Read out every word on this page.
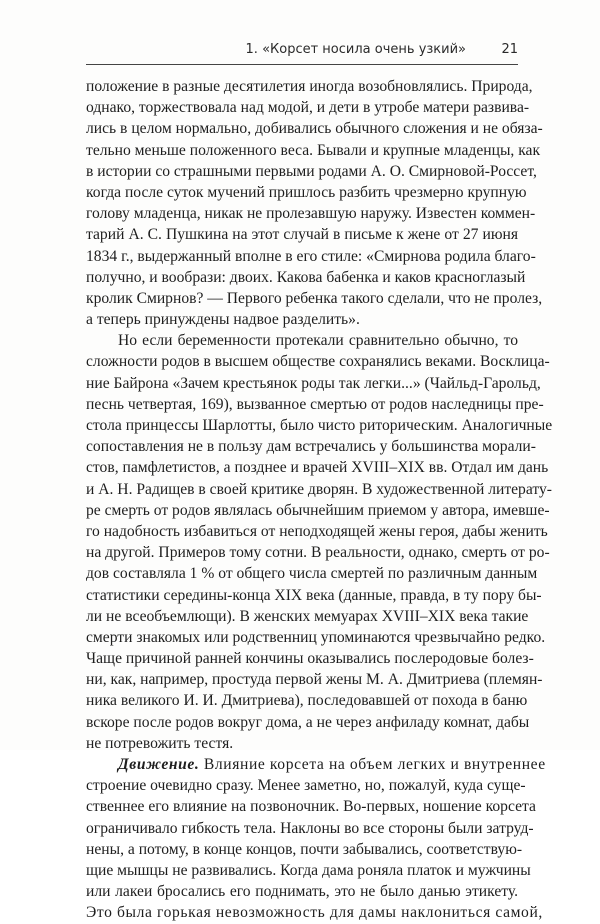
1. «Корсет носила очень узкий»	21
положение в разные десятилетия иногда возобновлялись. Природа,
однако, торжествовала над модой, и дети в утробе матери развива-
лись в целом нормально, добивались обычного сложения и не обяза-
тельно меньше положенного веса. Бывали и крупные младенцы, как
в истории со страшными первыми родами А. О. Смирновой-Россет,
когда после суток мучений пришлось разбить чрезмерно крупную
голову младенца, никак не пролезавшую наружу. Известен коммен-
тарий А. С. Пушкина на этот случай в письме к жене от 27 июня
1834 г., выдержанный вполне в его стиле: «Смирнова родила благо-
получно, и вообрази: двоих. Какова бабенка и каков красноглазый
кролик Смирнов? — Первого ребенка такого сделали, что не пролез,
а теперь принуждены надвое разделить».
Но если беременности протекали сравнительно обычно, то
сложности родов в высшем обществе сохранялись веками. Восклица-
ние Байрона «Зачем крестьянок роды так легки...» (Чайльд-Гарольд,
песнь четвертая, 169), вызванное смертью от родов наследницы пре-
стола принцессы Шарлотты, было чисто риторическим. Аналогичные
сопоставления не в пользу дам встречались у большинства морали-
стов, памфлетистов, а позднее и врачей XVIII–XIX вв. Отдал им дань
и А. Н. Радищев в своей критике дворян. В художественной литерату-
ре смерть от родов являлась обычнейшим приемом у автора, имевше-
го надобность избавиться от неподходящей жены героя, дабы женить
на другой. Примеров тому сотни. В реальности, однако, смерть от ро-
дов составляла 1 % от общего числа смертей по различным данным
статистики середины-конца XIX века (данные, правда, в ту пору бы-
ли не всеобъемлющи). В женских мемуарах XVIII–XIX века такие
смерти знакомых или родственниц упоминаются чрезвычайно редко.
Чаще причиной ранней кончины оказывались послеродовые болез-
ни, как, например, простуда первой жены М. А. Дмитриева (племян-
ника великого И. И. Дмитриева), последовавшей от похода в баню
вскоре после родов вокруг дома, а не через анфиладу комнат, дабы
не потревожить тестя.
Движение. Влияние корсета на объем легких и внутреннее
строение очевидно сразу. Менее заметно, но, пожалуй, куда суще-
ственнее его влияние на позвоночник. Во-первых, ношение корсета
ограничивало гибкость тела. Наклоны во все стороны были затруд-
нены, а потому, в конце концов, почти забывались, соответствую-
щие мышцы не развивались. Когда дама роняла платок и мужчины
или лакеи бросались его поднимать, это не было данью этикету.
Это была горькая невозможность для дамы наклониться самой,
